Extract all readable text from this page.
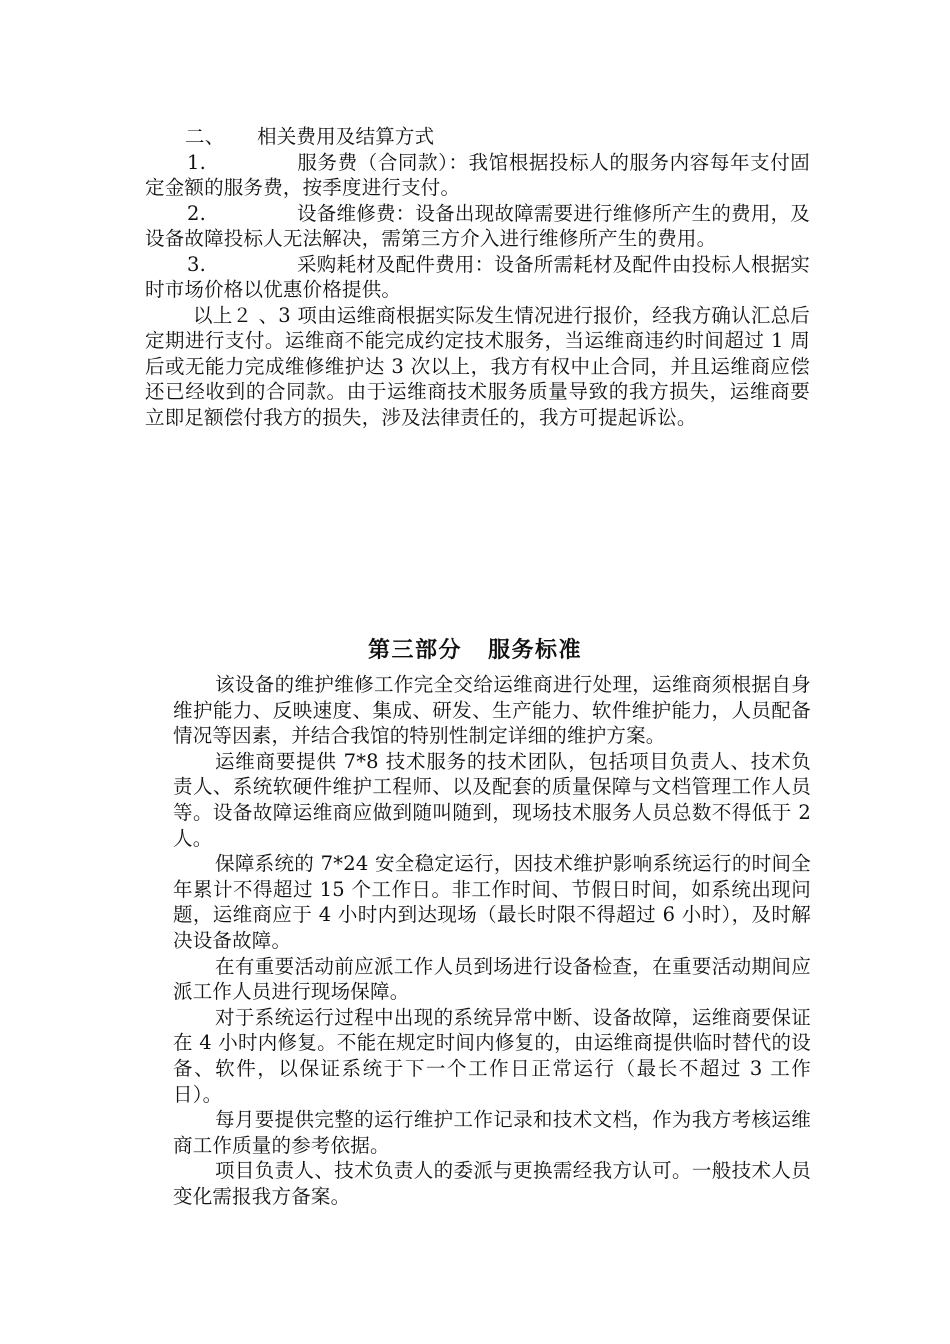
二、 相关费用及结算方式

1.	服务费（合同款）：我馆根据投标人的服务内容每年支付固定金额的服务费，按季度进行支付。

2.	设备维修费：设备出现故障需要进行维修所产生的费用，及设备故障投标人无法解决，需第三方介入进行维修所产生的费用。

3.	采购耗材及配件费用：设备所需耗材及配件由投标人根据实时市场价格以优惠价格提供。

以上２ 、3 项由运维商根据实际发生情况进行报价，经我方确认汇总后定期进行支付。运维商不能完成约定技术服务，当运维商违约时间超过 1 周后或无能力完成维修维护达 3 次以上，我方有权中止合同，并且运维商应偿还已经收到的合同款。由于运维商技术服务质量导致的我方损失，运维商要立即足额偿付我方的损失，涉及法律责任的，我方可提起诉讼。

第三部分 服务标准

该设备的维护维修工作完全交给运维商进行处理，运维商须根据自身维护能力、反映速度、集成、研发、生产能力、软件维护能力，人员配备情况等因素，并结合我馆的特别性制定详细的维护方案。

运维商要提供 7*8 技术服务的技术团队，包括项目负责人、技术负责人、系统软硬件维护工程师、以及配套的质量保障与文档管理工作人员等。设备故障运维商应做到随叫随到，现场技术服务人员总数不得低于 2 人。

保障系统的 7*24 安全稳定运行，因技术维护影响系统运行的时间全年累计不得超过 15 个工作日。非工作时间、节假日时间，如系统出现问题，运维商应于 4 小时内到达现场（最长时限不得超过 6 小时），及时解决设备故障。

在有重要活动前应派工作人员到场进行设备检查，在重要活动期间应派工作人员进行现场保障。

对于系统运行过程中出现的系统异常中断、设备故障，运维商要保证在 4 小时内修复。不能在规定时间内修复的，由运维商提供临时替代的设备、软件，以保证系统于下一个工作日正常运行（最长不超过 3 工作日）。

每月要提供完整的运行维护工作记录和技术文档，作为我方考核运维商工作质量的参考依据。

项目负责人、技术负责人的委派与更换需经我方认可。一般技术人员变化需报我方备案。
